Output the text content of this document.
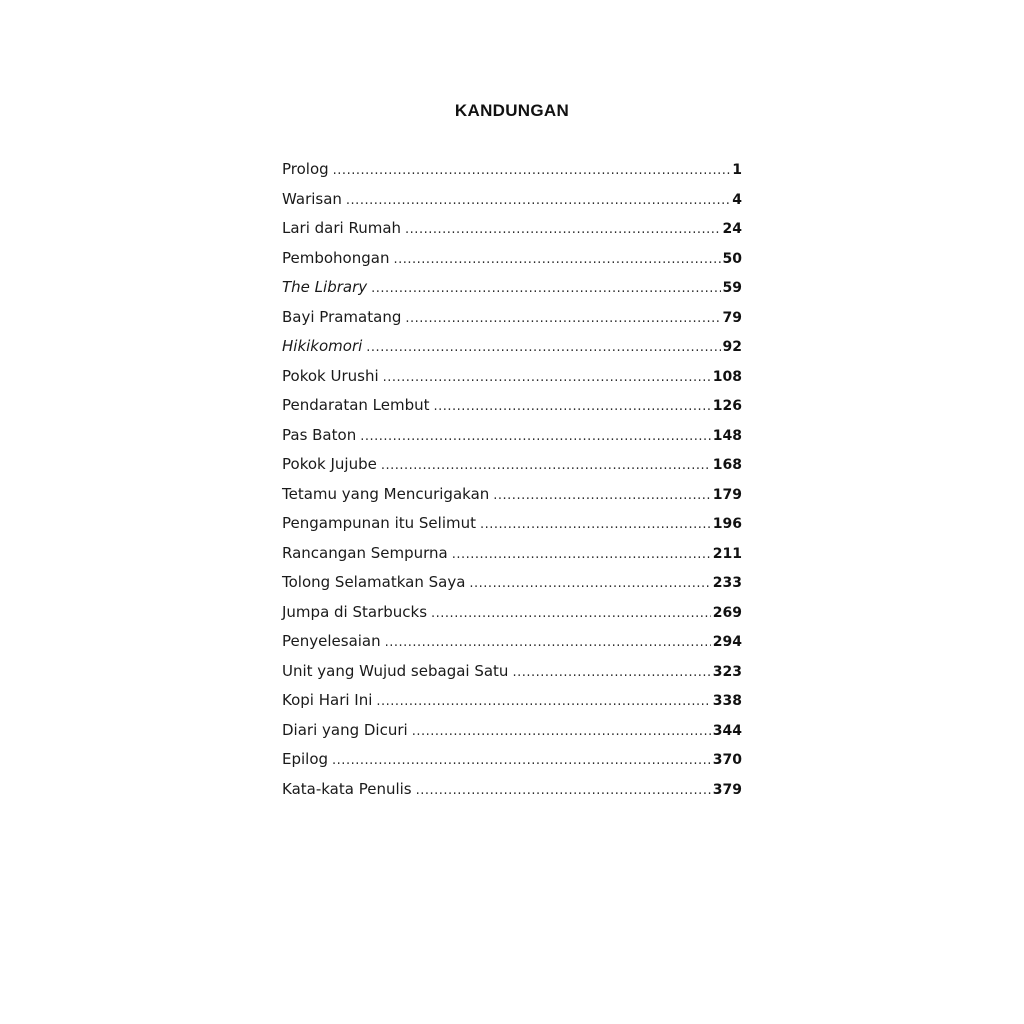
KANDUNGAN
Prolog .....	1
Warisan .....	4
Lari dari Rumah .....	24
Pembohongan .....	50
The Library .....	59
Bayi Pramatang .....	79
Hikikomori .....	92
Pokok Urushi .....	108
Pendaratan Lembut .....	126
Pas Baton .....	148
Pokok Jujube .....	168
Tetamu yang Mencurigakan .....	179
Pengampunan itu Selimut .....	196
Rancangan Sempurna .....	211
Tolong Selamatkan Saya .....	233
Jumpa di Starbucks .....	269
Penyelesaian .....	294
Unit yang Wujud sebagai Satu .....	323
Kopi Hari Ini .....	338
Diari yang Dicuri .....	344
Epilog .....	370
Kata-kata Penulis .....	379
